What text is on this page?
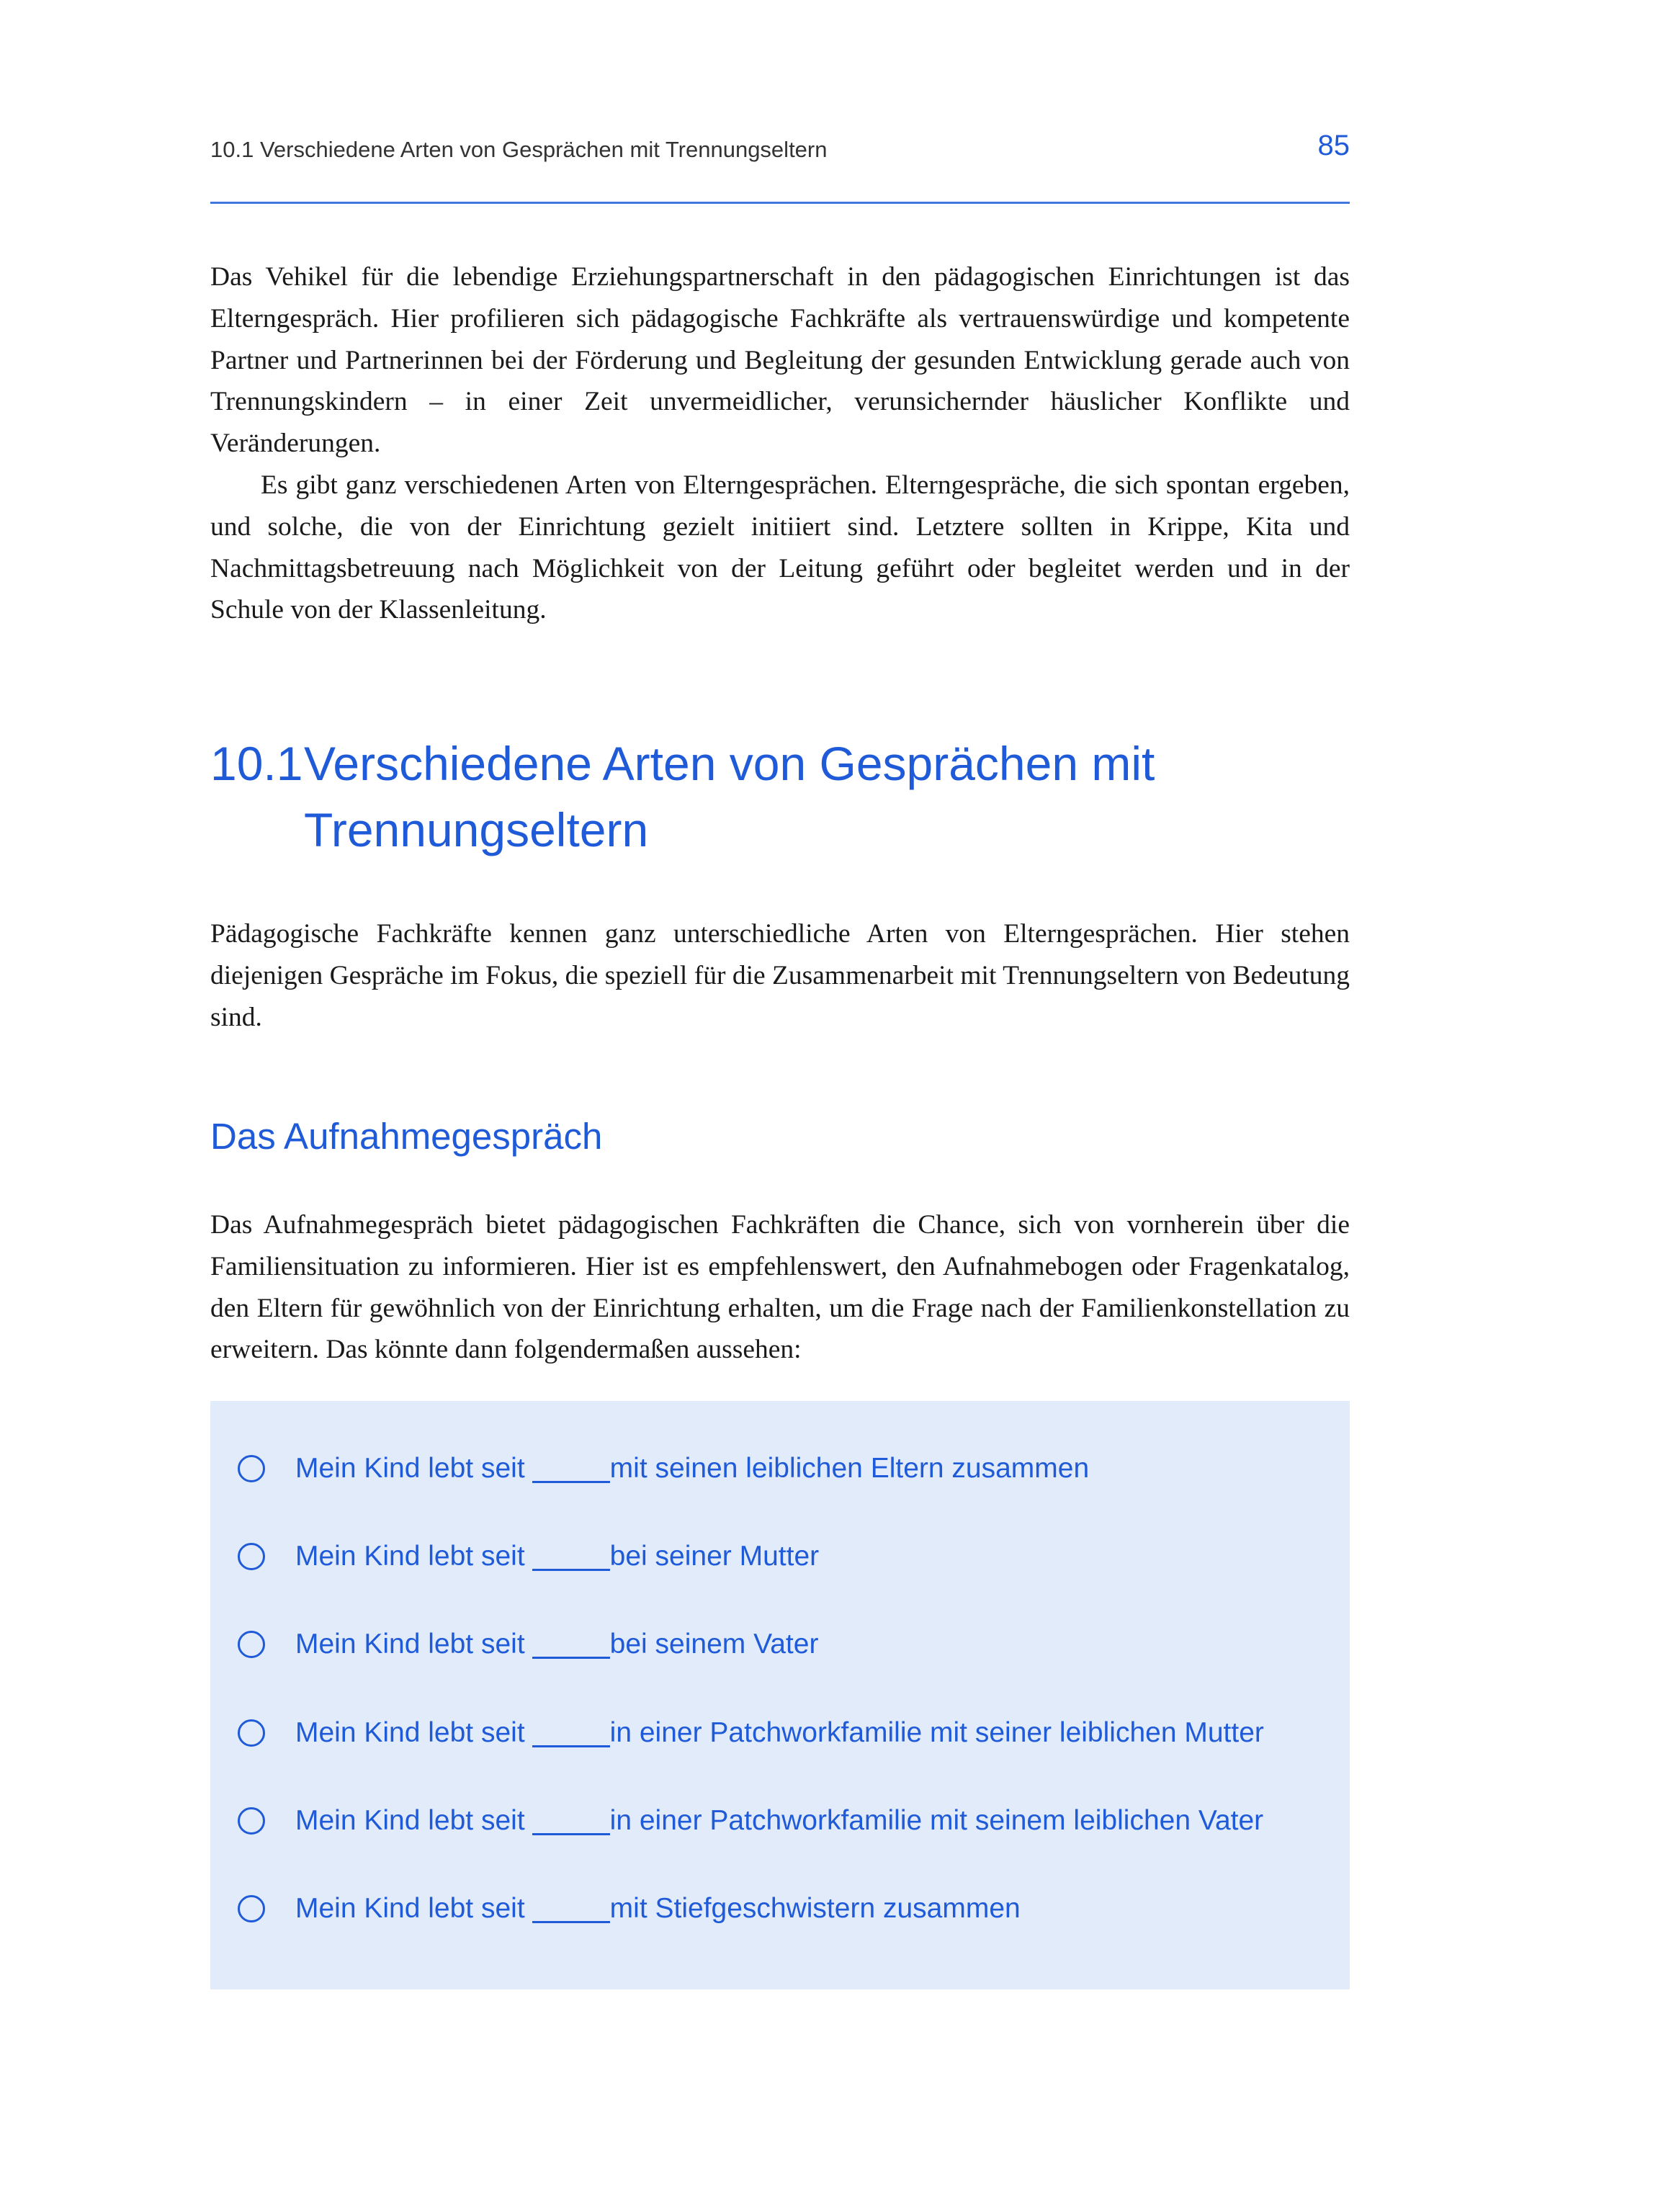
10.1 Verschiedene Arten von Gesprächen mit Trennungseltern	85

Das Vehikel für die lebendige Erziehungspartnerschaft in den pädagogischen Einrichtungen ist das Elterngespräch. Hier profilieren sich pädagogische Fachkräfte als vertrauenswürdige und kompetente Partner und Partnerinnen bei der Förderung und Begleitung der gesunden Entwicklung gerade auch von Trennungskindern – in einer Zeit unvermeidlicher, verunsichernder häuslicher Konflikte und Veränderungen.

Es gibt ganz verschiedenen Arten von Elterngesprächen. Elterngespräche, die sich spontan ergeben, und solche, die von der Einrichtung gezielt initiiert sind. Letztere sollten in Krippe, Kita und Nachmittagsbetreuung nach Möglichkeit von der Leitung geführt oder begleitet werden und in der Schule von der Klassenleitung.

10.1Verschiedene Arten von Gesprächen mit
Trennungseltern

Pädagogische Fachkräfte kennen ganz unterschiedliche Arten von Elterngesprächen. Hier stehen diejenigen Gespräche im Fokus, die speziell für die Zusammenarbeit mit Trennungseltern von Bedeutung sind.

Das Aufnahmegespräch

Das Aufnahmegespräch bietet pädagogischen Fachkräften die Chance, sich von vornherein über die Familiensituation zu informieren. Hier ist es empfehlenswert, den Aufnahmebogen oder Fragenkatalog, den Eltern für gewöhnlich von der Einrichtung erhalten, um die Frage nach der Familienkonstellation zu erweitern. Das könnte dann folgendermaßen aussehen:

Mein Kind lebt seit	mit seinen leiblichen Eltern zusammen
Mein Kind lebt seit	bei seiner Mutter
Mein Kind lebt seit	bei seinem Vater
Mein Kind lebt seit	in einer Patchworkfamilie mit seiner leiblichen Mutter
Mein Kind lebt seit	in einer Patchworkfamilie mit seinem leiblichen Vater
Mein Kind lebt seit	mit Stiefgeschwistern zusammen
